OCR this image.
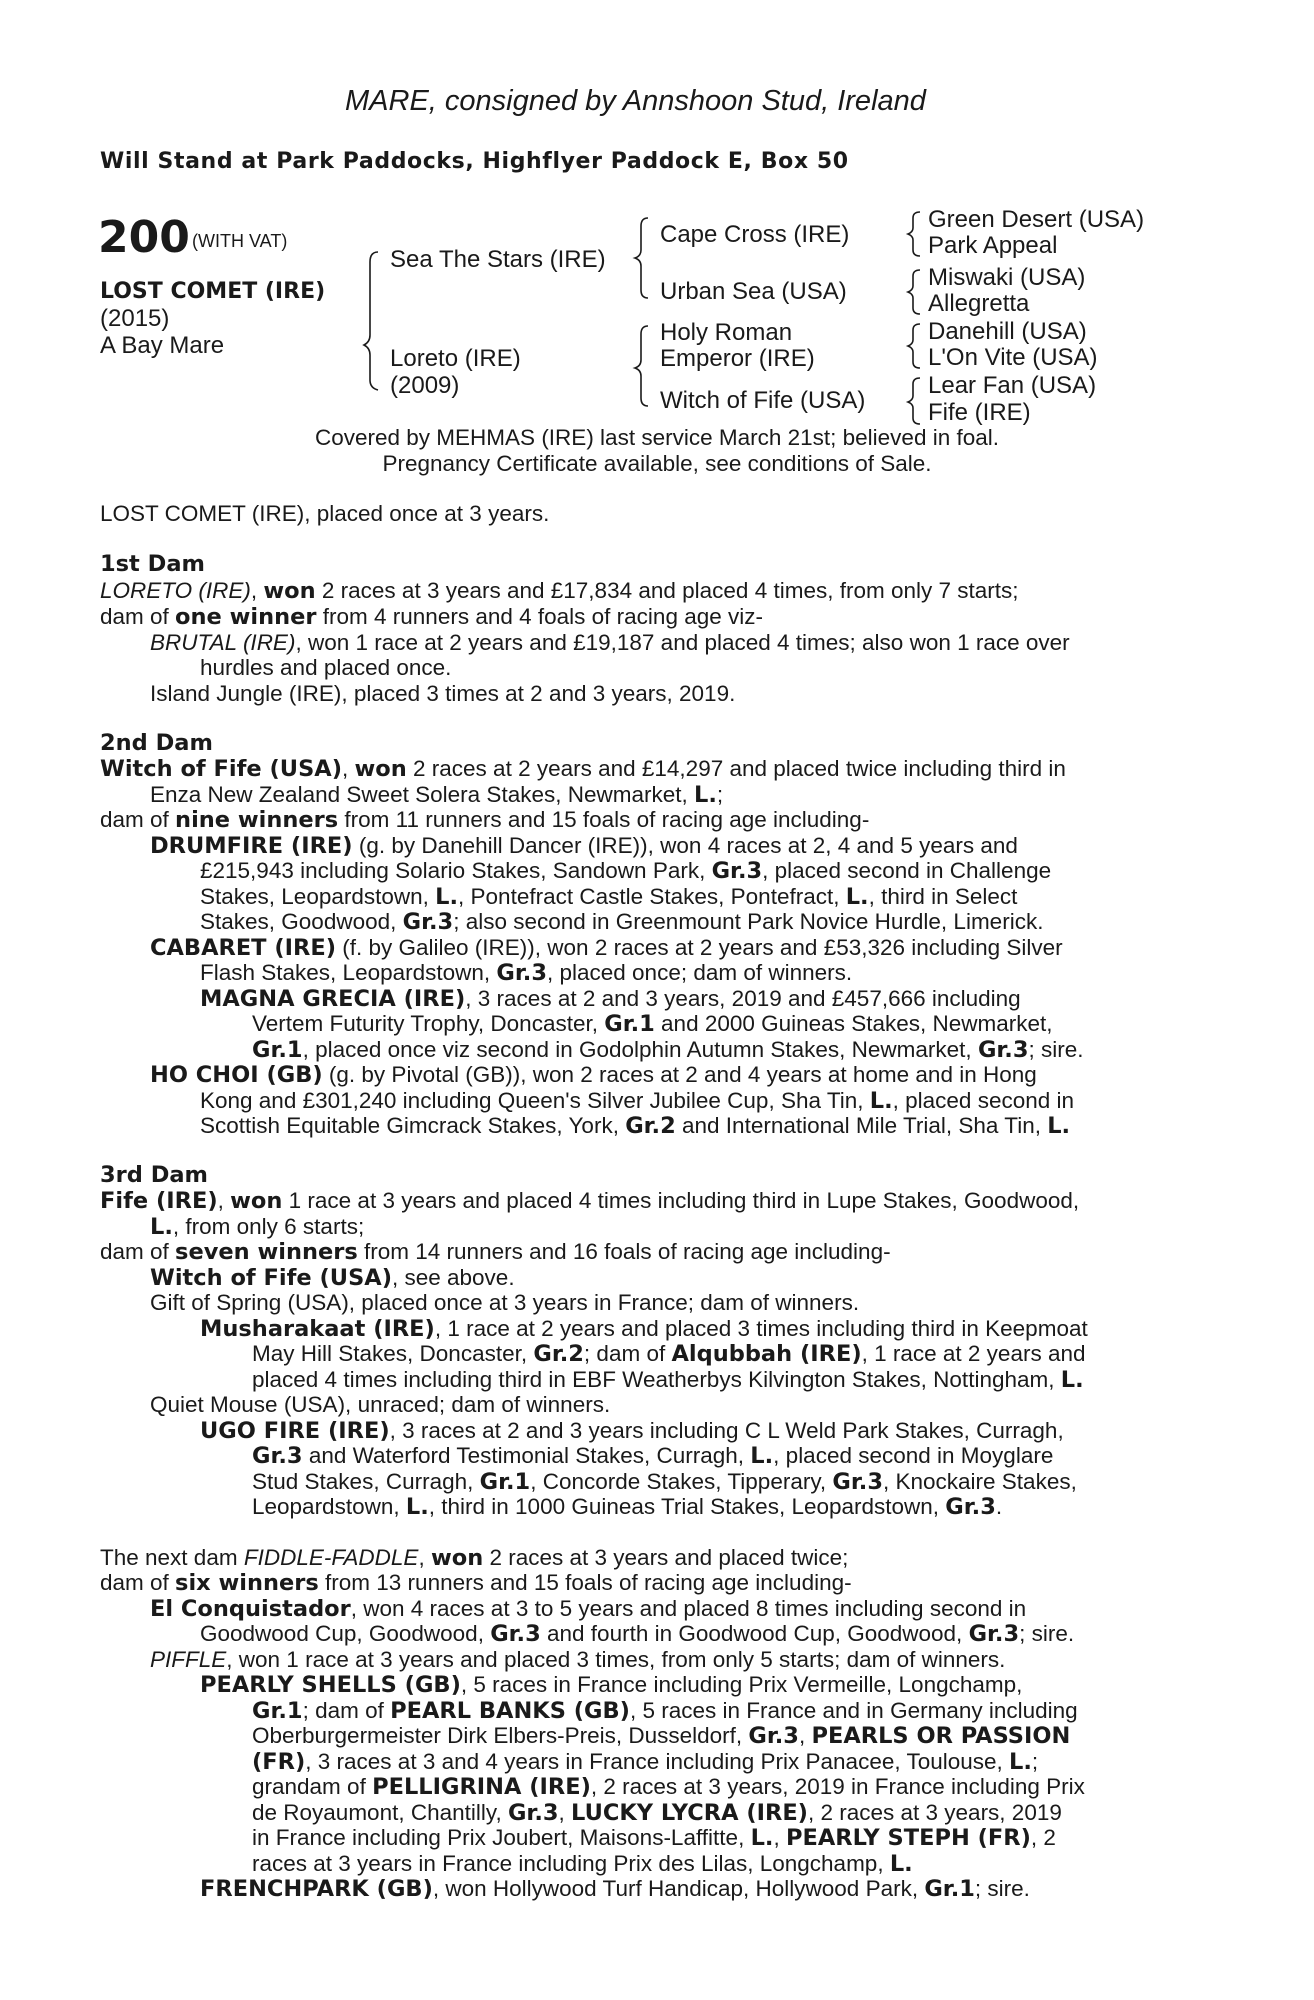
MARE, consigned by Annshoon Stud, Ireland
Will Stand at Park Paddocks, Highflyer Paddock E, Box 50
200 (WITH VAT)
LOST COMET (IRE)
(2015)
A Bay Mare
Sea The Stars (IRE)
Loreto (IRE)
(2009)
Cape Cross (IRE)
Urban Sea (USA)
Holy Roman
Emperor (IRE)
Witch of Fife (USA)
Green Desert (USA)
Park Appeal
Miswaki (USA)
Allegretta
Danehill (USA)
L'On Vite (USA)
Lear Fan (USA)
Fife (IRE)
Covered by MEHMAS (IRE) last service March 21st; believed in foal.
Pregnancy Certificate available, see conditions of Sale.
LOST COMET (IRE), placed once at 3 years.
1st Dam
LORETO (IRE), won 2 races at 3 years and £17,834 and placed 4 times, from only 7 starts;
dam of one winner from 4 runners and 4 foals of racing age viz-
BRUTAL (IRE), won 1 race at 2 years and £19,187 and placed 4 times; also won 1 race over
hurdles and placed once.
Island Jungle (IRE), placed 3 times at 2 and 3 years, 2019.
2nd Dam
Witch of Fife (USA), won 2 races at 2 years and £14,297 and placed twice including third in
Enza New Zealand Sweet Solera Stakes, Newmarket, L.;
dam of nine winners from 11 runners and 15 foals of racing age including-
DRUMFIRE (IRE) (g. by Danehill Dancer (IRE)), won 4 races at 2, 4 and 5 years and
£215,943 including Solario Stakes, Sandown Park, Gr.3, placed second in Challenge
Stakes, Leopardstown, L., Pontefract Castle Stakes, Pontefract, L., third in Select
Stakes, Goodwood, Gr.3; also second in Greenmount Park Novice Hurdle, Limerick.
CABARET (IRE) (f. by Galileo (IRE)), won 2 races at 2 years and £53,326 including Silver
Flash Stakes, Leopardstown, Gr.3, placed once; dam of winners.
MAGNA GRECIA (IRE), 3 races at 2 and 3 years, 2019 and £457,666 including
Vertem Futurity Trophy, Doncaster, Gr.1 and 2000 Guineas Stakes, Newmarket,
Gr.1, placed once viz second in Godolphin Autumn Stakes, Newmarket, Gr.3; sire.
HO CHOI (GB) (g. by Pivotal (GB)), won 2 races at 2 and 4 years at home and in Hong
Kong and £301,240 including Queen's Silver Jubilee Cup, Sha Tin, L., placed second in
Scottish Equitable Gimcrack Stakes, York, Gr.2 and International Mile Trial, Sha Tin, L.
3rd Dam
Fife (IRE), won 1 race at 3 years and placed 4 times including third in Lupe Stakes, Goodwood,
L., from only 6 starts;
dam of seven winners from 14 runners and 16 foals of racing age including-
Witch of Fife (USA), see above.
Gift of Spring (USA), placed once at 3 years in France; dam of winners.
Musharakaat (IRE), 1 race at 2 years and placed 3 times including third in Keepmoat
May Hill Stakes, Doncaster, Gr.2; dam of Alqubbah (IRE), 1 race at 2 years and
placed 4 times including third in EBF Weatherbys Kilvington Stakes, Nottingham, L.
Quiet Mouse (USA), unraced; dam of winners.
UGO FIRE (IRE), 3 races at 2 and 3 years including C L Weld Park Stakes, Curragh,
Gr.3 and Waterford Testimonial Stakes, Curragh, L., placed second in Moyglare
Stud Stakes, Curragh, Gr.1, Concorde Stakes, Tipperary, Gr.3, Knockaire Stakes,
Leopardstown, L., third in 1000 Guineas Trial Stakes, Leopardstown, Gr.3.
The next dam FIDDLE-FADDLE, won 2 races at 3 years and placed twice;
dam of six winners from 13 runners and 15 foals of racing age including-
El Conquistador, won 4 races at 3 to 5 years and placed 8 times including second in
Goodwood Cup, Goodwood, Gr.3 and fourth in Goodwood Cup, Goodwood, Gr.3; sire.
PIFFLE, won 1 race at 3 years and placed 3 times, from only 5 starts; dam of winners.
PEARLY SHELLS (GB), 5 races in France including Prix Vermeille, Longchamp,
Gr.1; dam of PEARL BANKS (GB), 5 races in France and in Germany including
Oberburgermeister Dirk Elbers-Preis, Dusseldorf, Gr.3, PEARLS OR PASSION
(FR), 3 races at 3 and 4 years in France including Prix Panacee, Toulouse, L.;
grandam of PELLIGRINA (IRE), 2 races at 3 years, 2019 in France including Prix
de Royaumont, Chantilly, Gr.3, LUCKY LYCRA (IRE), 2 races at 3 years, 2019
in France including Prix Joubert, Maisons-Laffitte, L., PEARLY STEPH (FR), 2
races at 3 years in France including Prix des Lilas, Longchamp, L.
FRENCHPARK (GB), won Hollywood Turf Handicap, Hollywood Park, Gr.1; sire.
